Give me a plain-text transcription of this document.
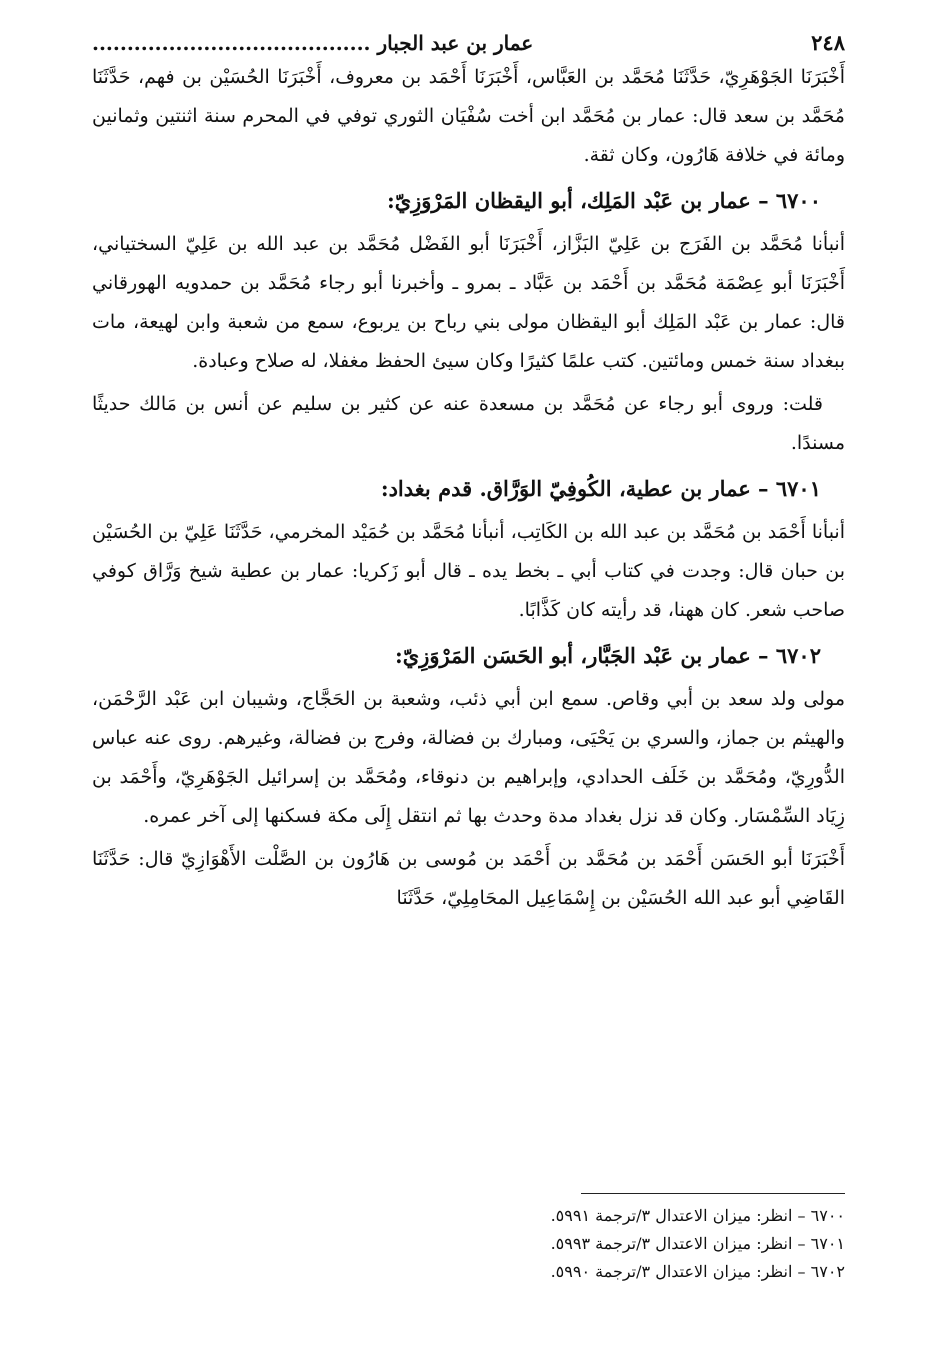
٢٤٨
عمار بن عبد الجبار ........................................

أَخْبَرَنَا الجَوْهَرِيّ، حَدَّثَنَا مُحَمَّد بن العَبَّاس، أَخْبَرَنَا أَحْمَد بن معروف، أَخْبَرَنَا الحُسَيْن بن فهم، حَدَّثَنَا مُحَمَّد بن سعد قال: عمار بن مُحَمَّد ابن أخت سُفْيَان الثوري توفي في المحرم سنة اثنتين وثمانين ومائة في خلافة هَارُون، وكان ثقة.

٦٧٠٠ – عمار بن عَبْد المَلِك، أبو اليقظان المَرْوَزِيّ:

أنبأنا مُحَمَّد بن الفَرَج بن عَلِيّ البَزَّاز، أَخْبَرَنَا أبو الفَضْل مُحَمَّد بن عبد الله بن عَلِيّ السختياني، أَخْبَرَنَا أبو عِصْمَة مُحَمَّد بن أَحْمَد بن عَبَّاد ـ بمرو ـ وأخبرنا أبو رجاء مُحَمَّد بن حمدويه الهورقاني قال: عمار بن عَبْد المَلِك أبو اليقظان مولى بني رباح بن يربوع، سمع من شعبة وابن لهيعة، مات ببغداد سنة خمس ومائتين. كتب علمًا كثيرًا وكان سيئ الحفظ مغفلا، له صلاح وعبادة.

قلت: وروى أبو رجاء عن مُحَمَّد بن مسعدة عنه عن كثير بن سليم عن أنس بن مَالك حديثًا مسندًا.

٦٧٠١ – عمار بن عطية، الكُوفِيّ الوَرَّاق. قدم بغداد:

أنبأنا أَحْمَد بن مُحَمَّد بن عبد الله بن الكَاتِب، أنبأنا مُحَمَّد بن حُمَيْد المخرمي، حَدَّثَنَا عَلِيّ بن الحُسَيْن بن حبان قال: وجدت في كتاب أبي ـ بخط يده ـ قال أبو زَكريا: عمار بن عطية شيخ وَرَّاق كوفي صاحب شعر. كان ههنا، قد رأيته كان كَذَّابًا.

٦٧٠٢ – عمار بن عَبْد الجَبَّار، أبو الحَسَن المَرْوَزِيّ:

مولى ولد سعد بن أبي وقاص. سمع ابن أبي ذئب، وشعبة بن الحَجَّاج، وشيبان ابن عَبْد الرَّحْمَن، والهيثم بن جماز، والسري بن يَحْيَى، ومبارك بن فضالة، وفرج بن فضالة، وغيرهم. روى عنه عباس الدُّورِيّ، ومُحَمَّد بن خَلَف الحدادي، وإبراهيم بن دنوقاء، ومُحَمَّد بن إسرائيل الجَوْهَرِيّ، وأَحْمَد بن زِيَاد السِّمْسَار. وكان قد نزل بغداد مدة وحدث بها ثم انتقل إِلَى مكة فسكنها إلى آخر عمره.

أَخْبَرَنَا أبو الحَسَن أَحْمَد بن مُحَمَّد بن أَحْمَد بن مُوسى بن هَارُون بن الصَّلْت الأَهْوَازِيّ قال: حَدَّثَنَا القَاضِي أبو عبد الله الحُسَيْن بن إِسْمَاعِيل المحَامِلِيّ، حَدَّثَنَا

٦٧٠٠ – انظر: ميزان الاعتدال ٣/ترجمة ٥٩٩١.

٦٧٠١ – انظر: ميزان الاعتدال ٣/ترجمة ٥٩٩٣.

٦٧٠٢ – انظر: ميزان الاعتدال ٣/ترجمة ٥٩٩٠.
